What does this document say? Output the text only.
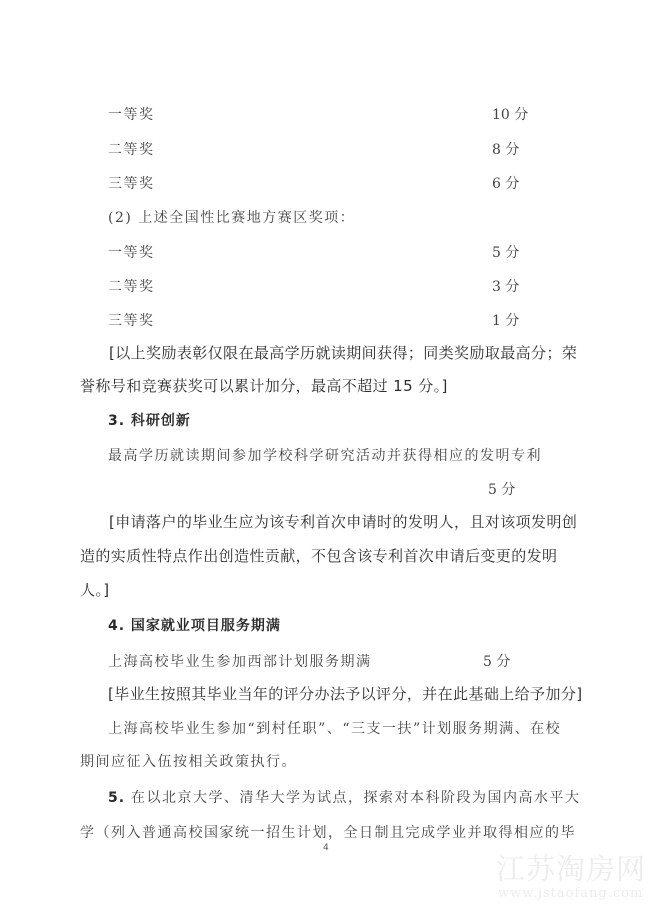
一等奖	10 分
二等奖	8 分
三等奖	6 分
(2) 上述全国性比赛地方赛区奖项：
一等奖	5 分
二等奖	3 分
三等奖	1 分
[以上奖励表彰仅限在最高学历就读期间获得；同类奖励取最高分；荣
誉称号和竞赛获奖可以累计加分，最高不超过 15 分。]
3. 科研创新
最高学历就读期间参加学校科学研究活动并获得相应的发明专利
5 分
[申请落户的毕业生应为该专利首次申请时的发明人，且对该项发明创
造的实质性特点作出创造性贡献，不包含该专利首次申请后变更的发明
人。]
4. 国家就业项目服务期满
上海高校毕业生参加西部计划服务期满	5 分
[毕业生按照其毕业当年的评分办法予以评分，并在此基础上给予加分]
上海高校毕业生参加“到村任职”、“三支一扶”计划服务期满、在校
期间应征入伍按相关政策执行。
5. 在以北京大学、清华大学为试点，探索对本科阶段为国内高水平大
学（列入普通高校国家统一招生计划，全日制且完成学业并取得相应的毕
4
江苏淘房网
www.jstaofang.com
